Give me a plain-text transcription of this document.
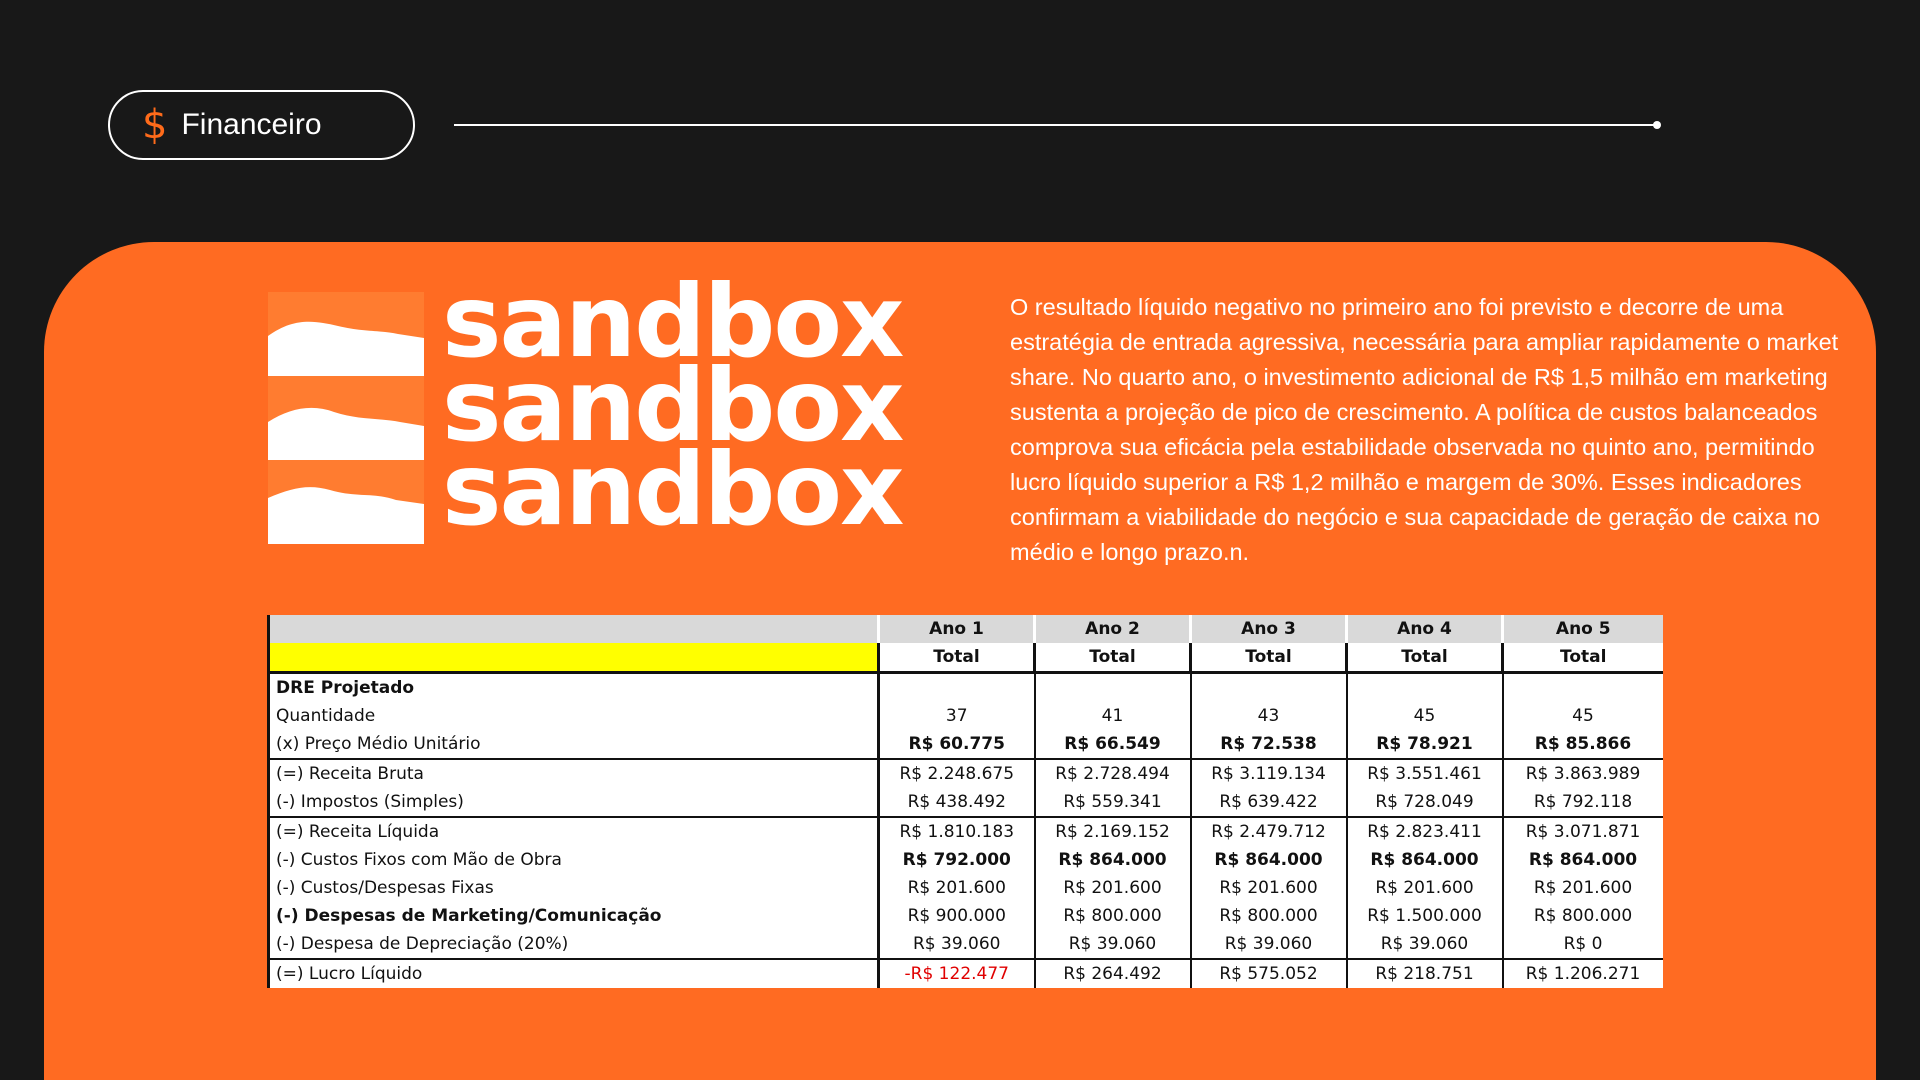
$ Financeiro
sandbox
sandbox
sandbox

O resultado líquido negativo no primeiro ano foi previsto e decorre de uma estratégia de entrada agressiva, necessária para ampliar rapidamente o market share. No quarto ano, o investimento adicional de R$ 1,5 milhão em marketing sustenta a projeção de pico de crescimento. A política de custos balanceados comprova sua eficácia pela estabilidade observada no quinto ano, permitindo lucro líquido superior a R$ 1,2 milhão e margem de 30%. Esses indicadores confirmam a viabilidade do negócio e sua capacidade de geração de caixa no médio e longo prazo.n.

	Ano 1	Ano 2	Ano 3	Ano 4	Ano 5
	Total	Total	Total	Total	Total
DRE Projetado					
Quantidade	37	41	43	45	45
(x) Preço Médio Unitário	R$ 60.775	R$ 66.549	R$ 72.538	R$ 78.921	R$ 85.866
(=) Receita Bruta	R$ 2.248.675	R$ 2.728.494	R$ 3.119.134	R$ 3.551.461	R$ 3.863.989
(-) Impostos (Simples)	R$ 438.492	R$ 559.341	R$ 639.422	R$ 728.049	R$ 792.118
(=) Receita Líquida	R$ 1.810.183	R$ 2.169.152	R$ 2.479.712	R$ 2.823.411	R$ 3.071.871
(-) Custos Fixos com Mão de Obra	R$ 792.000	R$ 864.000	R$ 864.000	R$ 864.000	R$ 864.000
(-) Custos/Despesas Fixas	R$ 201.600	R$ 201.600	R$ 201.600	R$ 201.600	R$ 201.600
(-) Despesas de Marketing/Comunicação	R$ 900.000	R$ 800.000	R$ 800.000	R$ 1.500.000	R$ 800.000
(-) Despesa de Depreciação (20%)	R$ 39.060	R$ 39.060	R$ 39.060	R$ 39.060	R$ 0
(=) Lucro Líquido	-R$ 122.477	R$ 264.492	R$ 575.052	R$ 218.751	R$ 1.206.271
